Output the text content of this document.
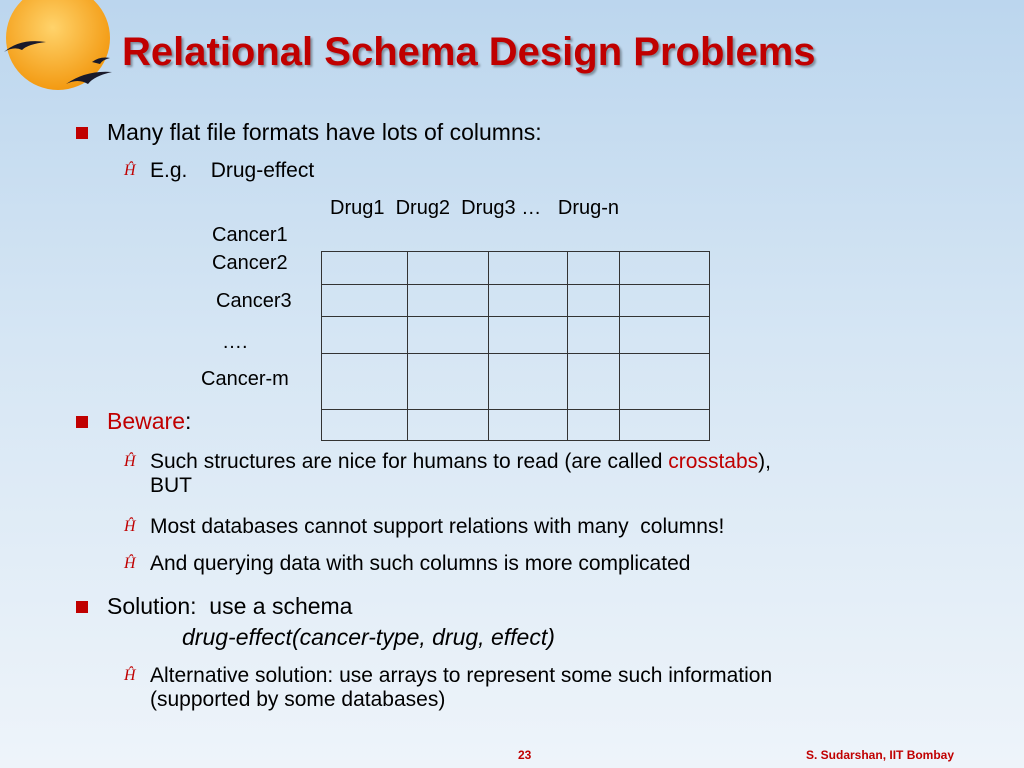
Relational Schema Design Problems
Many flat file formats have lots of columns:
Ĥ E.g.    Drug-effect
Drug1  Drug2  Drug3 …   Drug-n
Cancer1
Cancer2
Cancer3
….
Cancer-m
Beware:
Ĥ Such structures are nice for humans to read (are called crosstabs),
BUT
Ĥ Most databases cannot support relations with many  columns!
Ĥ And querying data with such columns is more complicated
Solution:  use a schema
drug-effect(cancer-type, drug, effect)
Ĥ Alternative solution: use arrays to represent some such information
(supported by some databases)
23	S. Sudarshan, IIT Bombay
